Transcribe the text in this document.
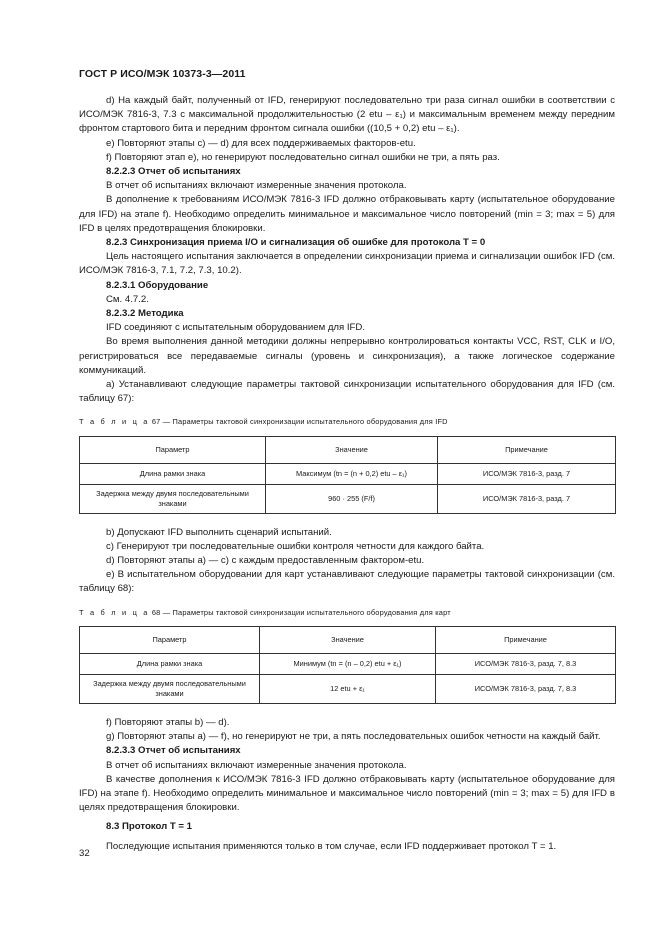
ГОСТ Р ИСО/МЭК 10373-3—2011

d) На каждый байт, полученный от IFD, генерируют последовательно три раза сигнал ошибки в соответствии с ИСО/МЭК 7816-3, 7.3 с максимальной продолжительностью (2 etu – ε₁) и максимальным временем между передним фронтом стартового бита и передним фронтом сигнала ошибки ((10,5 + 0,2) etu – ε₁).

e) Повторяют этапы c) — d) для всех поддерживаемых факторов-etu.

f) Повторяют этап e), но генерируют последовательно сигнал ошибки не три, а пять раз.

8.2.2.3 Отчет об испытаниях

В отчет об испытаниях включают измеренные значения протокола.

В дополнение к требованиям ИСО/МЭК 7816-3 IFD должно отбраковывать карту (испытательное оборудование для IFD) на этапе f). Необходимо определить минимальное и максимальное число повторений (min = 3; max = 5) для IFD в целях предотвращения блокировки.

8.2.3 Синхронизация приема I/O и сигнализация об ошибке для протокола T = 0

Цель настоящего испытания заключается в определении синхронизации приема и сигнализации ошибок IFD (см. ИСО/МЭК 7816-3, 7.1, 7.2, 7.3, 10.2).

8.2.3.1 Оборудование

См. 4.7.2.

8.2.3.2 Методика

IFD соединяют с испытательным оборудованием для IFD.

Во время выполнения данной методики должны непрерывно контролироваться контакты VCC, RST, CLK и I/O, регистрироваться все передаваемые сигналы (уровень и синхронизация), а также логическое содержание коммуникаций.

a) Устанавливают следующие параметры тактовой синхронизации испытательного оборудования для IFD (см. таблицу 67):

Т а б л и ц а 67 — Параметры тактовой синхронизации испытательного оборудования для IFD
Параметр	Значение	Примечание
Длина рамки знака	Максимум (tn = (n + 0,2) etu – ε₁)	ИСО/МЭК 7816-3, разд. 7
Задержка между двумя последовательными знаками	960 · 255 (F/f)	ИСО/МЭК 7816-3, разд. 7

b) Допускают IFD выполнить сценарий испытаний.

c) Генерируют три последовательные ошибки контроля четности для каждого байта.

d) Повторяют этапы a) — c) с каждым предоставленным фактором-etu.

e) В испытательном оборудовании для карт устанавливают следующие параметры тактовой синхронизации (см. таблицу 68):

Т а б л и ц а 68 — Параметры тактовой синхронизации испытательного оборудования для карт
Параметр	Значение	Примечание
Длина рамки знака	Минимум (tn = (n – 0,2) etu + ε₁)	ИСО/МЭК 7816-3, разд. 7, 8.3
Задержка между двумя последовательными знаками	12 etu + ε₁	ИСО/МЭК 7816-3, разд. 7, 8.3

f) Повторяют этапы b) — d).

g) Повторяют этапы a) — f), но генерируют не три, а пять последовательных ошибок четности на каждый байт.

8.2.3.3 Отчет об испытаниях

В отчет об испытаниях включают измеренные значения протокола.

В качестве дополнения к ИСО/МЭК 7816-3 IFD должно отбраковывать карту (испытательное оборудование для IFD) на этапе f). Необходимо определить минимальное и максимальное число повторений (min = 3; max = 5) для IFD в целях предотвращения блокировки.

8.3 Протокол T = 1

Последующие испытания применяются только в том случае, если IFD поддерживает протокол T = 1.

32
